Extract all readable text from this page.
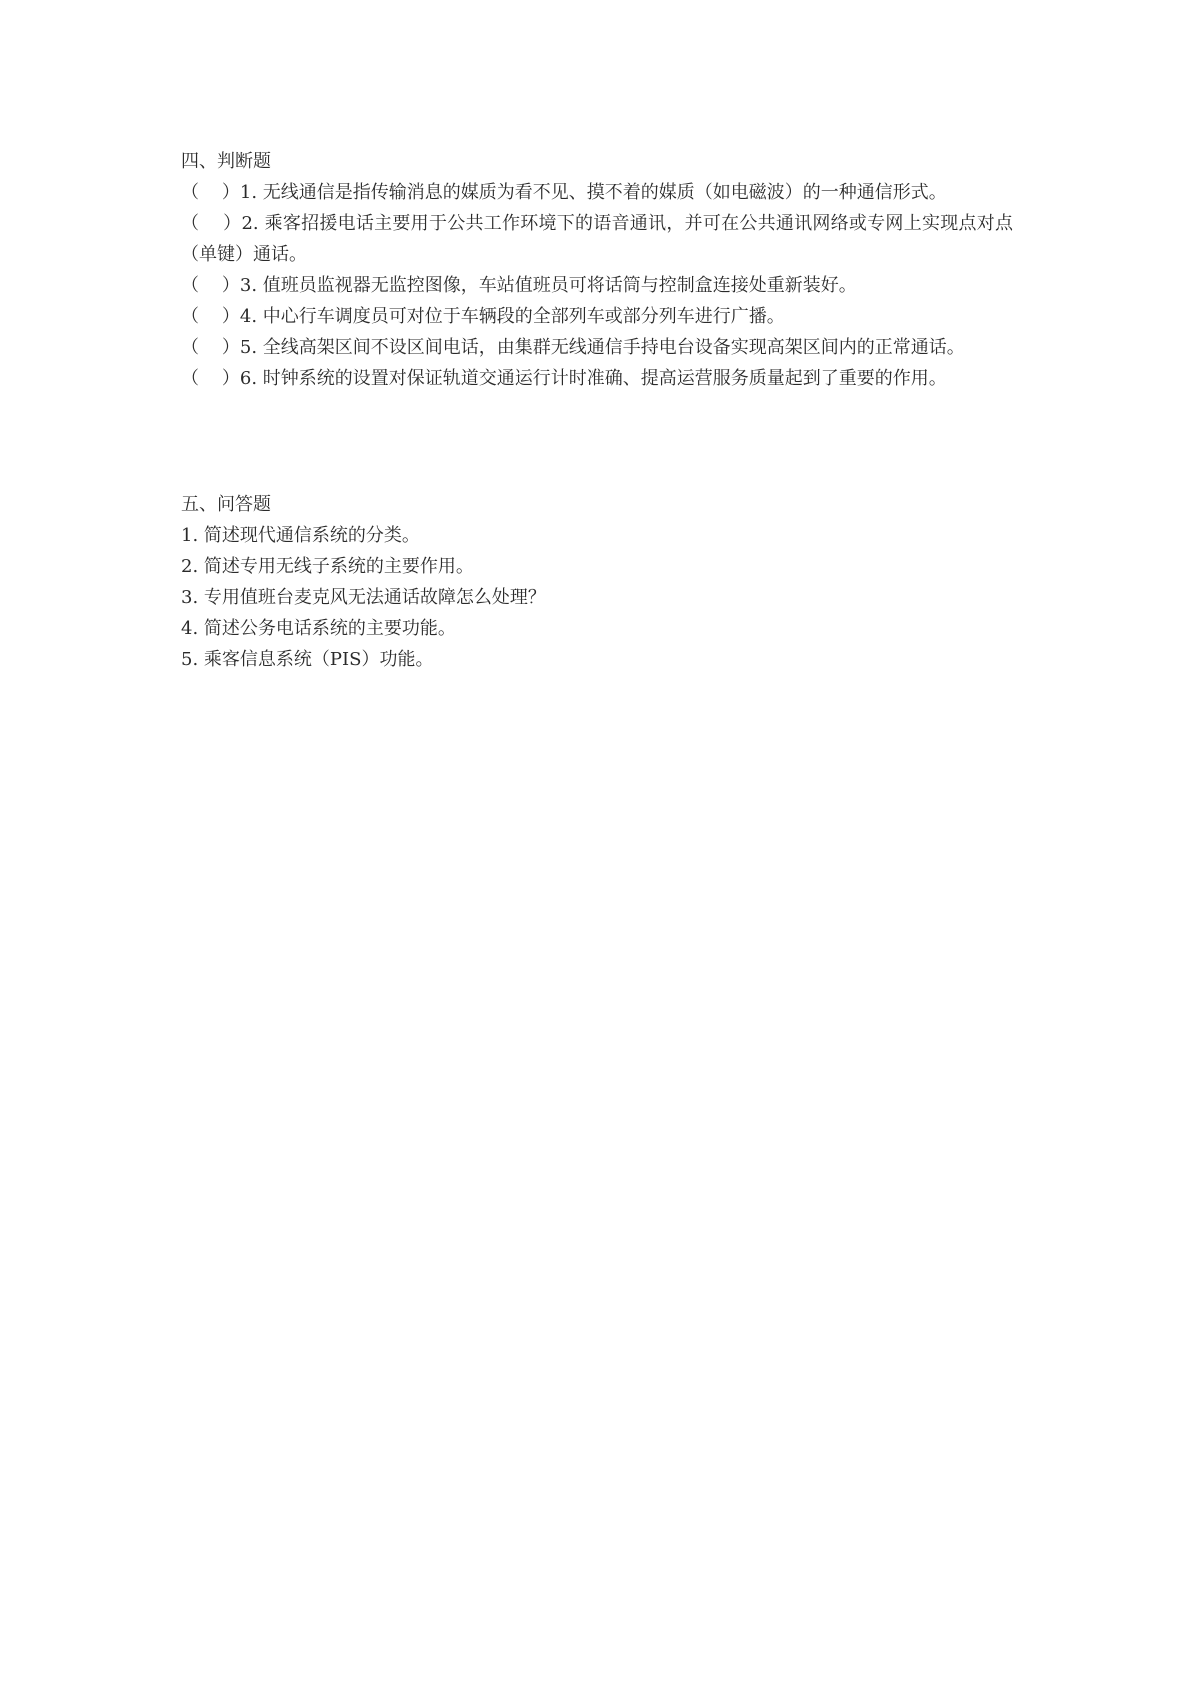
四、判断题

（    ）1. 无线通信是指传输消息的媒质为看不见、摸不着的媒质（如电磁波）的一种通信形式。

（    ）2. 乘客招援电话主要用于公共工作环境下的语音通讯，并可在公共通讯网络或专网上实现点对点（单键）通话。

（    ）3. 值班员监视器无监控图像，车站值班员可将话筒与控制盒连接处重新装好。

（    ）4. 中心行车调度员可对位于车辆段的全部列车或部分列车进行广播。

（    ）5. 全线高架区间不设区间电话，由集群无线通信手持电台设备实现高架区间内的正常通话。

（    ）6. 时钟系统的设置对保证轨道交通运行计时准确、提高运营服务质量起到了重要的作用。

五、问答题

1. 简述现代通信系统的分类。

2. 简述专用无线子系统的主要作用。

3. 专用值班台麦克风无法通话故障怎么处理？

4. 简述公务电话系统的主要功能。

5. 乘客信息系统（PIS）功能。
